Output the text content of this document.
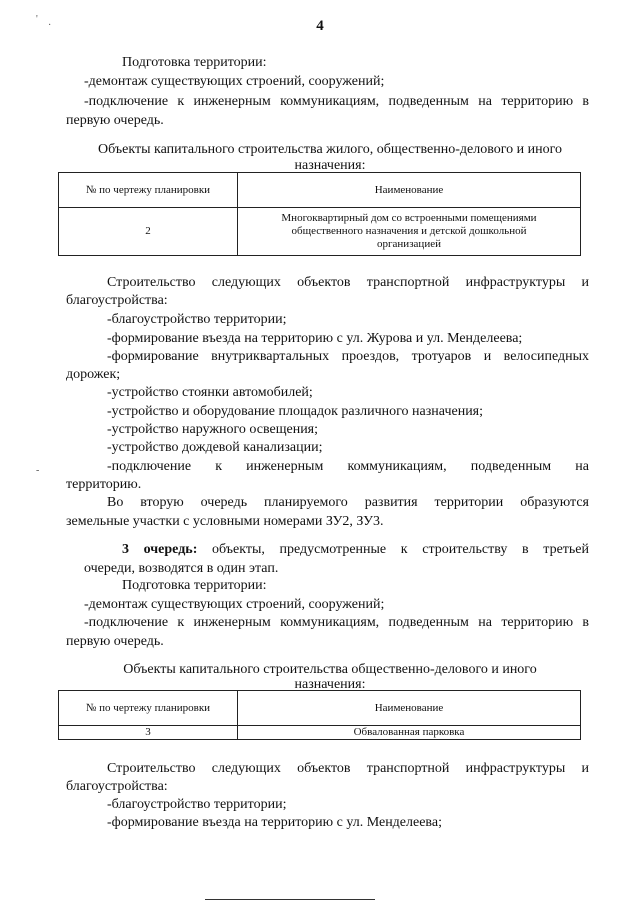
4
'
·
Подготовка территории:
-демонтаж существующих строений, сооружений;
-подключение к инженерным коммуникациям, подведенным на территорию в
первую очередь.
Объекты капитального строительства жилого, общественно-делового и иного
назначения:
№ по чертежу планировки	Наименование
2	Многоквартирный дом со встроенными помещениями
общественного назначения и детской дошкольной
организацией
Строительство следующих объектов транспортной инфраструктуры и
благоустройства:
-благоустройство территории;
-формирование въезда на территорию с ул. Журова и ул. Менделеева;
-формирование внутриквартальных проездов, тротуаров и велосипедных
дорожек;
-устройство стоянки автомобилей;
-устройство и оборудование площадок различного назначения;
-устройство наружного освещения;
-устройство дождевой канализации;
-подключение к инженерным коммуникациям, подведенным на
территорию.
-
Во вторую очередь планируемого развития территории образуются
земельные участки с условными номерами ЗУ2, ЗУ3.
3 очередь: объекты, предусмотренные к строительству в третьей
очереди, возводятся в один этап.
Подготовка территории:
-демонтаж существующих строений, сооружений;
-подключение к инженерным коммуникациям, подведенным на территорию в
первую очередь.
Объекты капитального строительства общественно-делового и иного
назначения:
№ по чертежу планировки	Наименование
3	Обвалованная парковка
Строительство следующих объектов транспортной инфраструктуры и
благоустройства:
-благоустройство территории;
-формирование въезда на территорию с ул. Менделеева;
